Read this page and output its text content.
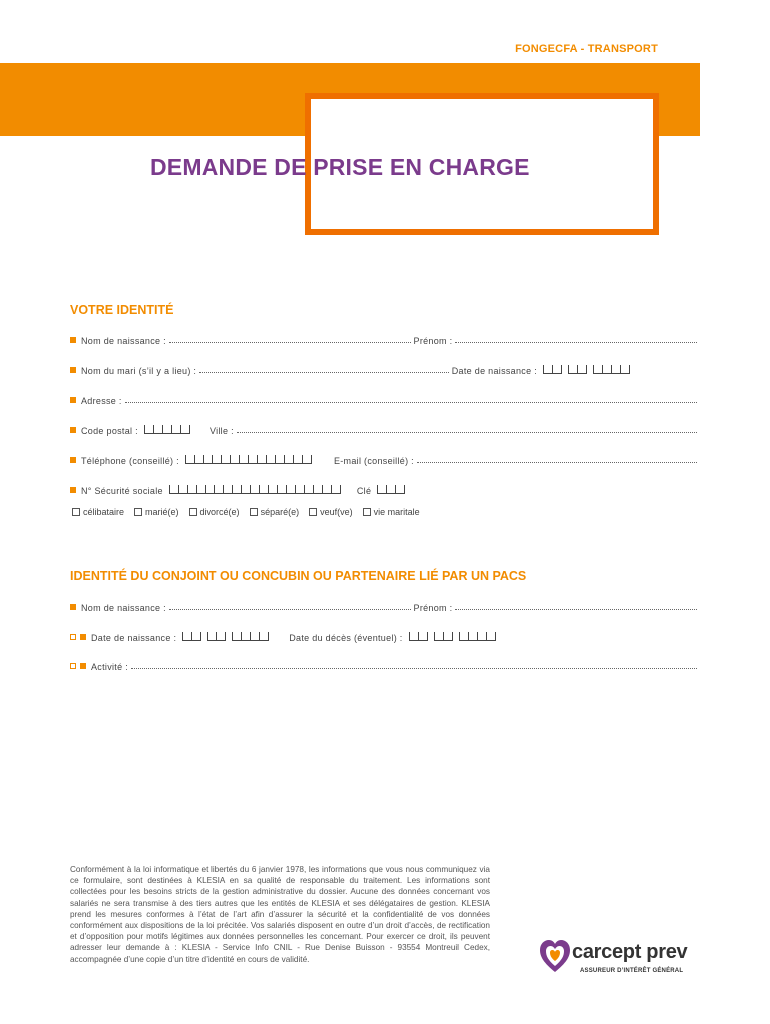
FONGECFA - TRANSPORT
DEMANDE DE PRISE EN CHARGE
VOTRE IDENTITÉ
Nom de naissance :	Prénom :
Nom du mari (s’il y a lieu) :	Date de naissance :
Adresse :
Code postal :	Ville :
Téléphone (conseillé) :	E-mail (conseillé) :
N° Sécurité sociale	Clé
célibataire marié(e) divorcé(e) séparé(e) veuf(ve) vie maritale
IDENTITÉ DU CONJOINT OU CONCUBIN OU PARTENAIRE LIÉ PAR UN PACS
Nom de naissance :	Prénom :
Date de naissance :	Date du décès (éventuel) :
Activité :
Conformément à la loi informatique et libertés du 6 janvier 1978, les informations que vous nous communiquez via ce formulaire, sont destinées à KLESIA en sa qualité de responsable du traitement. Les informations sont collectées pour les besoins stricts de la gestion administrative du dossier. Aucune des données concernant vos salariés ne sera transmise à des tiers autres que les entités de KLESIA et ses délégataires de gestion. KLESIA prend les mesures conformes à l’état de l’art afin d’assurer la sécurité et la confidentialité de vos données conformément aux dispositions de la loi précitée. Vos salariés disposent en outre d’un droit d’accès, de rectification et d’opposition pour motifs légitimes aux données personnelles les concernant. Pour exercer ce droit, ils peuvent adresser leur demande à : KLESIA - Service Info CNIL - Rue Denise Buisson - 93554 Montreuil Cedex, accompagnée d’une copie d’un titre d’identité en cours de validité.	carcept prev
ASSUREUR D’INTÉRÊT GÉNÉRAL
